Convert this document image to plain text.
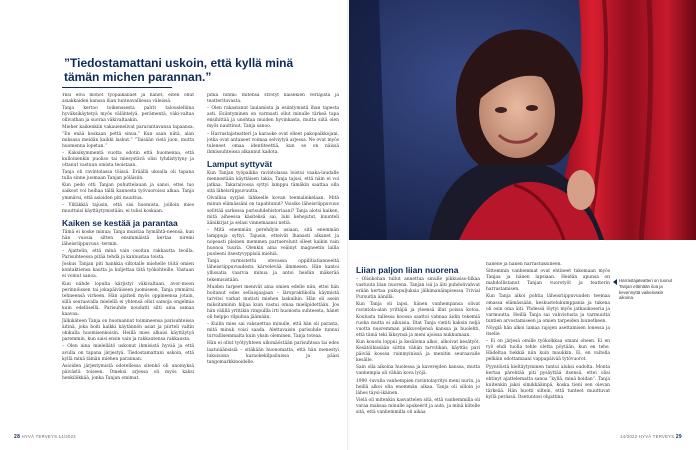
”Tiedostamattani uskoin, että kyllä minä tämän michen parannan.”

Yksi elvä mohot työpaikallaet ja hänet, eiten ollut asiakkaiden kanssa liian tunteavalliessa väleissä.

Tanja kertoo toikenssesta palrit talouslelliina hyväksikäytetyä myös välähtelyä, perämentä, väki-valtaa ollivathan ja suoraa väkivaltaakin.

Mieher kaikenkiin vakauenelivat pararantavansa tapaansa. ”En enää koskaan pettä sinua.” Kun saan niitä, alan miksasa meidän kaikki laskut.” ”Taisään vielä juon, mutta huomenna lopetan.”

– Kaksikymmentä vuotta odotin että huomenna, että kulloinenkin puoliso tai miesystävä olisi tyhdistytyny ja ottanut vastuun omista teoistaan.

Tanja oli ravintolassa töissä. Eräällä ukoalla oli tapana tulla sinne juomaan Tanjan pöläisiin.

Kun pedo otti Tanjan puhuttelauan ja sanoi, ettei tuo saikoot voi heihaa tällä kannesta työvuoroissi alkaa. Tanja ymmärsi, että asioiden piti muuttua.

– Ylitäkkiä tajusin, että sisi huomista, joilloin mies muuttuisi käyttäytymistään, ei tulisi koskaan.

Kaiken se kestää ja parantaa

Tämä ei koske minua; Tanja muistaa hymähtä-neensä, kun hän vuosia sitten ensimmäistä kertaa niremi läheisriippuvuus -termin.

– Ajattelin, että minä vain osoitan rakkautta teoilla. Parisuhteessa pitää tehdä ja kannustaa toista.

Joskus Tanjan piti hankkia siltotalle miehelle töitä omien kontaktiensa kautta ja kuljettaa tätä työkohteille. Vastaan ei voinut sanoa.

Kun nähde lopulta kärjistyi väkivaltaan, avor-moon perinnöissen tai jokapäiväiseen juomiseen, Tanja ymmärsi tehneensä virheen. Hän ajatteli myös oppineensa jotain, sillä seuraavalla mielellä ei yhtensä ollut samoja ongelmia kuin edellisellä. Parisuhde noudatti silti aina samaa kaavaa.

Jälkikäteen Tanja on huomannut toimineensa parisuhteissa äitinä, joka hoiti kaikki käytännön asiat ja piirteli valtin ohikulla huomisenkoisin. Heillä mies alkaisi käyttäytyä paremmin, kun saisi ensin vain ja rakkautensa rakkausta.

– Olen aina mielellätö uskonut ihmisistä hyvää ja että avulla on tapana järjestyä. Tiedostamattani uskoin, että kyllä minä tämän miehen parannan.

Asioiden järjestymistä odotellessa sitenkö oli unomyksä päivästä toiseen. Omeksi arjessa oli myös kaksi henkilökkää, jonka Tanjan omimat.

pitkä hihmi: mitehsa strotyt kaisekien verläjistä ja teatterituvasta.

– Olen rakastanut laulamista ja esiintymistä ihan tapesta asti. Esiintyminen on varmasti ollut minulle tärkeä tapa ensihittää ja unohtaa muiden hyvinkasta, mutta siitä olen myös nauttinut, Tanja sanoo.

– Harrastajateatteri ja karaoke ovat olleet pakopaikkojani, jotka ovat antaneet voimaa selviytyä arjessa. Ne ovat myös tuleneet omaa identiteettiä, kun se on näissä ihmissuhteissa alkannut kadota.

Lamput syttyvät

Kun Tanjan työpaikka ravintolassa loistui vaaka-laudalle mennestään käyttäisen takia, Tanja tajusi, että näin ei voi jatkaa. Takaraivossa syttyi lamppu tämäkin saattaa olla sitä läheisriippuvuutta.

Olvallisa syrjäsi lähkeelle kovan teemalinkelaan. Mitä minun elämässäni on tapahtunut? Voisiko läheisriippuvuus selittää sarkessa parisuhdehistoriaani? Tanja alotsi kaiken, mitä aiheessa käsiteksä sai, luki kehejutut, kuunteli äänikirjat ja selasi vinnemaansi netiä.

– Mitä enemmän perehdyin asiaan, sitä enemmän lamppuja syttyi. Tajusin, etteivät lhanasti alkanet ja nopeasti pleinen memmen partuerelunt olleet kaikin vain huonoa tuuria. Olenkin aina veäinyt magneetin lailla puoleeni itsestyvyppisiä miehiä.

Tanja varmistettu otevassa oppilitiatianneeltä läheisriippuvuudesta kärvelevää ilmmesen. Hän kantoi yllissatia vaarvia minua ja antoi heidän mäkerää tekemisistään.

Muiden tarpeet menivät aina omien edelle niin, ettei hän hoitanut edes sellaisjaajaan – läropraktikolla käymistä tarvitsi varkat mutisti miehen laskuihin. Hän oli asein miksitaminin hiljaa kuin vastui omaa mielipidettään. Jos hän välillä yrittikin rimpullla irti huonosta suhteesta, hänet oli helppo rilpuhua jäämään.

– Kuilin mies sai vaksuettua minulle, että hän oli parasta, mitä minuk voisi saada. Alettavaisin parisuhde tunnui turvallisemmalta kuin yksin oleminen, Tanja toteaa.

Hän ei ollut työtyyhteen ulkonäöstään parisuhtssa tai edes laatuiäänsisiä – sitäkään huonomatta, että hän menestyi lukuisissa karaokekilpailuissa ja pääsi tangomarkkinoidelle.

28 HYVÄ TERVEYS 14/2022
Liian paljon liian nuorena

– Olisikohan tullut annettua sinulle pikkusiso-lilkaa vastuuta liian nuorena. Tanjan isä ja äiti puhdolivahvat erään kertaa pukupuljuksia jälkimanäinpisessa Trivial Pursuitin äänillä.

Kun Tanja oli lapsi, hänen vanhempansa olivat ravintola-alan yrittäjiä ja yleensä illat poissa kotoa. Koulusta tullessa koossa saattoi vahnaa äidin tekemiä ruoka mutta ei aikuisia. Iltat Tanja vietiti kaksin neljä vuotta nuoremman pikkuveljensä kanssa ja huolehti, että tämä teki läksynsä ja meni ajoissa nukkumaan.

Kun kouolu loppui ja kesäloma alkoi, alkoivat kesätyöt. Kesätöihissään siittin vähän tarvitikan, käyttäs pari päivää koossa ruinmyinissä ja menitin seuraavalle kesälle.

Sain olla aikoina huolessa ja kaverejden kanssa, mutta vanhempia oli vähän kova lyöjä.

1990 -luvulla vanhempien ravintolayritys meni nurin, ja heillä alkoi olla enemmän aikaa. Tanja oli silloin jo lähes täysi-ikäinen.

Vielä oli mitenkin kasvattelen sitä, että vanhemmilla oli varaa maksaa minulle apukeerit ja auto, ja minä kiitelle sitä, että vanhemmilla oli aikaa

hänelle ja hänen harrastuksilleen.

Sittemmin vanhemmat ovat ehtineet tukemaan myös Tanjaa ja hänen lapsiaan. Heidän apunsa on mahdollistanut Tanjan vuorotyöt ja teatterin harrastamisen.

Kun Tanja alkoi pohtia läheisriippuvuuden teemaa omassa elämässään, keskustelukumppania ja tukena oli osin oma äiti. Yhdessä löytyi myös jatkaukoseria ja varmuutta. Heillä Tanja sai vahvistusta ja varmuutta tuntien arvostamiseen ja omien tarpeiden luunetkeen.

Nöygiä hän alkoi lamaa rajojen asettamisen lonessa ja itselle.

– Ei on järjesä omille työkolkkaa omani oheen. Ei en ryö ehdi tuolla tehle oletta pöytään, kun en tehe. Hädeltaa tiekkiä niin kuin maukkin. Ei, en valtella pelkäin odottamaani vappapäivää tytövuorot.

Pyyntöistä kieltäytyminen tuntui aluksi oudolta. Monta kertaa pärehtää piti pysäyttää itsensä, ettei olisi ehtinyt ajattelematta sanoa ”kyllä, minä hoidan”. Tanja kuitenkin jaksi simikkäämpä, koska tieni sen olevan tärkeää. Hän huotti siltein, että tunteet muuttuvat kyllä perässä. Itsetuntosi ohjattina

Harrastajateatteri on tuonut Tanjan elämään iloa ja kevennyttä vaikeinakin aikoina.
14/2022 HYVÄ TERVEYS 29
